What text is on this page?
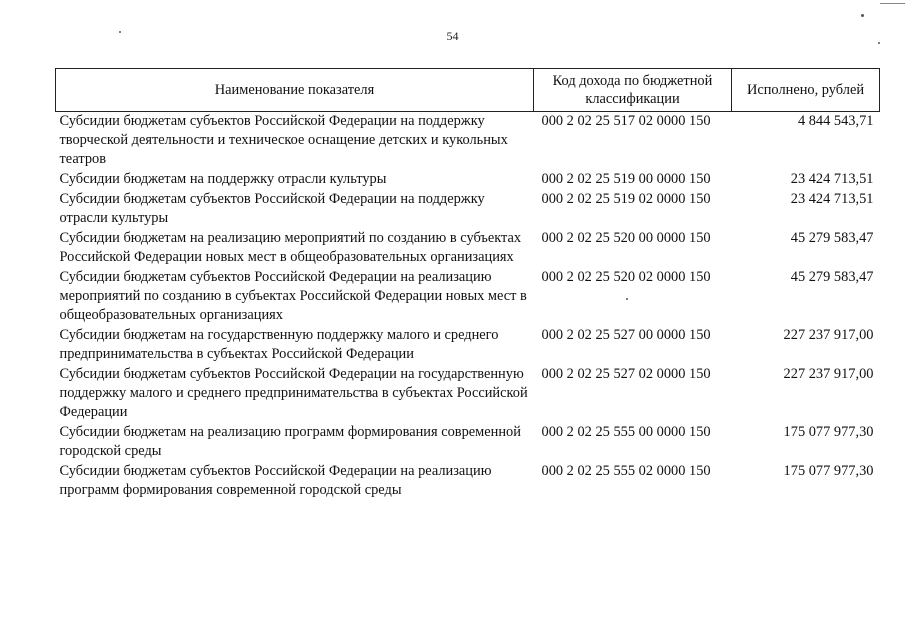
54
Наименование показателя	Код дохода по бюджетной классификации	Исполнено, рублей
Субсидии бюджетам субъектов Российской Федерации на поддержку творческой деятельности и техническое оснащение детских и кукольных театров	000 2 02 25 517 02 0000 150	4 844 543,71
Субсидии бюджетам на поддержку отрасли культуры	000 2 02 25 519 00 0000 150	23 424 713,51
Субсидии бюджетам субъектов Российской Федерации на поддержку отрасли культуры	000 2 02 25 519 02 0000 150	23 424 713,51
Субсидии бюджетам на реализацию мероприятий по созданию в субъектах Российской Федерации новых мест в общеобразовательных организациях	000 2 02 25 520 00 0000 150	45 279 583,47
Субсидии бюджетам субъектов Российской Федерации на реализацию мероприятий по созданию в субъектах Российской Федерации новых мест в общеобразовательных организациях	000 2 02 25 520 02 0000 150	45 279 583,47
Субсидии бюджетам на государственную поддержку малого и среднего предпринимательства в субъектах Российской Федерации	000 2 02 25 527 00 0000 150	227 237 917,00
Субсидии бюджетам субъектов Российской Федерации на государственную поддержку малого и среднего предпринимательства в субъектах Российской Федерации	000 2 02 25 527 02 0000 150	227 237 917,00
Субсидии бюджетам на реализацию программ формирования современной городской среды	000 2 02 25 555 00 0000 150	175 077 977,30
Субсидии бюджетам субъектов Российской Федерации на реализацию программ формирования современной городской среды	000 2 02 25 555 02 0000 150	175 077 977,30
